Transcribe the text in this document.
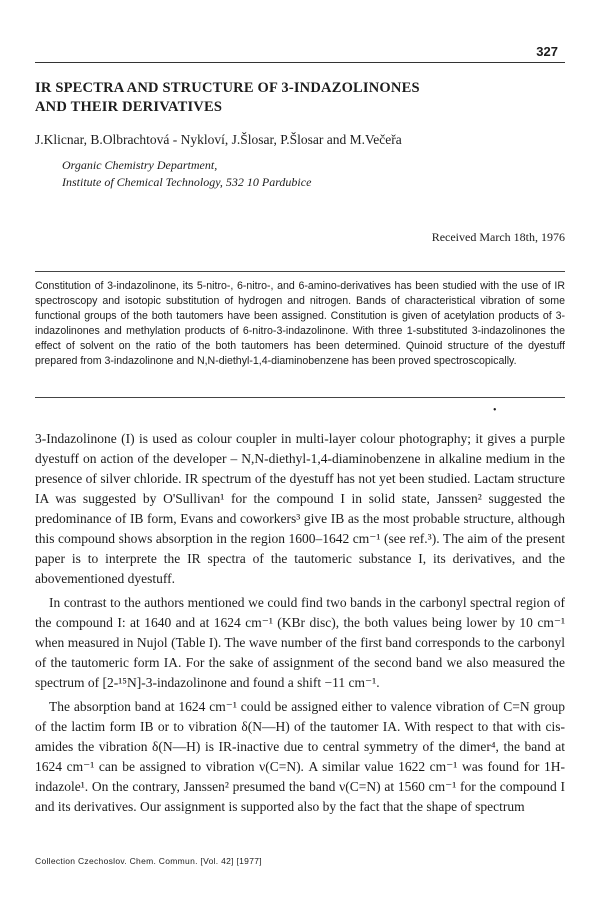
327
IR SPECTRA AND STRUCTURE OF 3-INDAZOLINONES
AND THEIR DERIVATIVES
J.Klicnar, B.Olbrachtová - Nykloví, J.Šlosar, P.Šlosar and M.Večeřa
Organic Chemistry Department,
Institute of Chemical Technology, 532 10 Pardubice
Received March 18th, 1976

Constitution of 3-indazolinone, its 5-nitro-, 6-nitro-, and 6-amino-derivatives has been studied with the use of IR spectroscopy and isotopic substitution of hydrogen and nitrogen. Bands of characteristical vibration of some functional groups of the both tautomers have been assigned. Constitution is given of acetylation products of 3-indazolinones and methylation products of 6-nitro-3-indazolinone. With three 1-substituted 3-indazolinones the effect of solvent on the ratio of the both tautomers has been determined. Quinoid structure of the dyestuff prepared from 3-indazolinone and N,N-diethyl-1,4-diaminobenzene has been proved spectroscopically.

•

3-Indazolinone (I) is used as colour coupler in multi-layer colour photography; it gives a purple dyestuff on action of the developer – N,N-diethyl-1,4-diaminobenzene in alkaline medium in the presence of silver chloride. IR spectrum of the dyestuff has not yet been studied. Lactam structure IA was suggested by O'Sullivan¹ for the compound I in solid state, Janssen² suggested the predominance of IB form, Evans and coworkers³ give IB as the most probable structure, although this compound shows absorption in the region 1600–1642 cm⁻¹ (see ref.³). The aim of the present paper is to interprete the IR spectra of the tautomeric substance I, its derivatives, and the abovementioned dyestuff.

In contrast to the authors mentioned we could find two bands in the carbonyl spectral region of the compound I: at 1640 and at 1624 cm⁻¹ (KBr disc), the both values being lower by 10 cm⁻¹ when measured in Nujol (Table I). The wave number of the first band corresponds to the carbonyl of the tautomeric form IA. For the sake of assignment of the second band we also measured the spectrum of [2-¹⁵N]-3-indazolinone and found a shift −11 cm⁻¹.

The absorption band at 1624 cm⁻¹ could be assigned either to valence vibration of C=N group of the lactim form IB or to vibration δ(N—H) of the tautomer IA. With respect to that with cis-amides the vibration δ(N—H) is IR-inactive due to central symmetry of the dimer⁴, the band at 1624 cm⁻¹ can be assigned to vibration ν(C=N). A similar value 1622 cm⁻¹ was found for 1H-indazole¹. On the contrary, Janssen² presumed the band ν(C=N) at 1560 cm⁻¹ for the compound I and its derivatives. Our assignment is supported also by the fact that the shape of spectrum

Collection Czechoslov. Chem. Commun. [Vol. 42] [1977]
